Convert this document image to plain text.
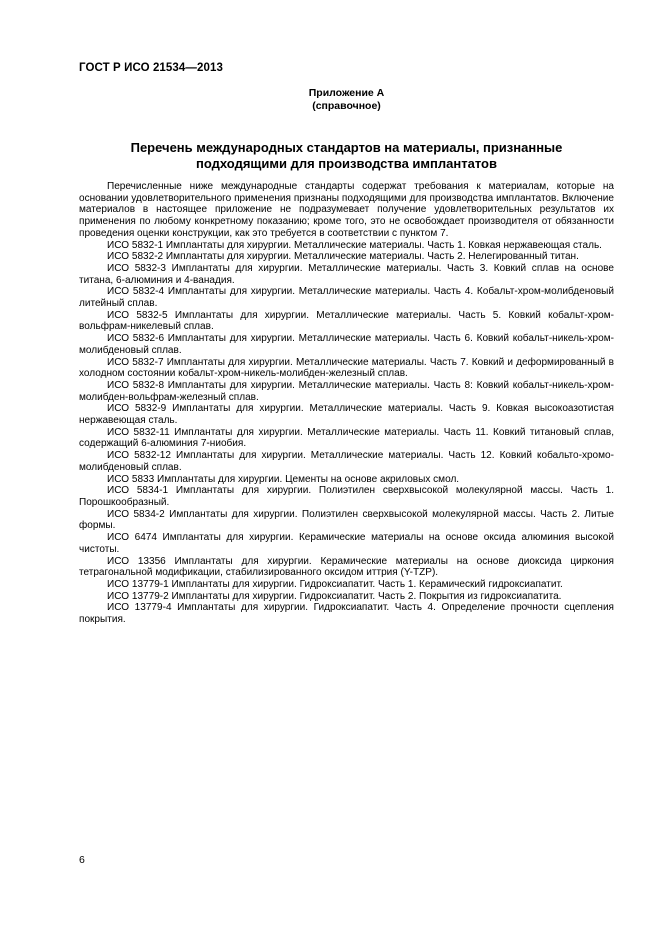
ГОСТ Р ИСО 21534—2013
Приложение А
(справочное)
Перечень международных стандартов на материалы, признанные
подходящими для производства имплантатов

Перечисленные ниже международные стандарты содержат требования к материалам, которые на основании удовлетворительного применения признаны подходящими для производства имплантатов. Включение материалов в настоящее приложение не подразумевает получение удовлетворительных результатов их применения по любому конкретному показанию; кроме того, это не освобождает производителя от обязанности проведения оценки конструкции, как это требуется в соответствии с пунктом 7.

ИСО 5832-1 Имплантаты для хирургии. Металлические материалы. Часть 1. Ковкая нержавеющая сталь.

ИСО 5832-2 Имплантаты для хирургии. Металлические материалы. Часть 2. Нелегированный титан.

ИСО 5832-3 Имплантаты для хирургии. Металлические материалы. Часть 3. Ковкий сплав на основе титана, 6-алюминия и 4-ванадия.

ИСО 5832-4 Имплантаты для хирургии. Металлические материалы. Часть 4. Кобальт-хром-молибденовый литейный сплав.

ИСО 5832-5 Имплантаты для хирургии. Металлические материалы. Часть 5. Ковкий кобальт-хром-вольфрам-никелевый сплав.

ИСО 5832-6 Имплантаты для хирургии. Металлические материалы. Часть 6. Ковкий кобальт-никель-хром-молибденовый сплав.

ИСО 5832-7 Имплантаты для хирургии. Металлические материалы. Часть 7. Ковкий и деформированный в холодном состоянии кобальт-хром-никель-молибден-железный сплав.

ИСО 5832-8 Имплантаты для хирургии. Металлические материалы. Часть 8: Ковкий кобальт-никель-хром-молибден-вольфрам-железный сплав.

ИСО 5832-9 Имплантаты для хирургии. Металлические материалы. Часть 9. Ковкая высокоазотистая нержавеющая сталь.

ИСО 5832-11 Имплантаты для хирургии. Металлические материалы. Часть 11. Ковкий титановый сплав, содержащий 6-алюминия 7-ниобия.

ИСО 5832-12 Имплантаты для хирургии. Металлические материалы. Часть 12. Ковкий кобальто-хромо-молибденовый сплав.

ИСО 5833 Имплантаты для хирургии. Цементы на основе акриловых смол.

ИСО 5834-1 Имплантаты для хирургии. Полиэтилен сверхвысокой молекулярной массы. Часть 1. Порошкообразный.

ИСО 5834-2 Имплантаты для хирургии. Полиэтилен сверхвысокой молекулярной массы. Часть 2. Литые формы.

ИСО 6474 Имплантаты для хирургии. Керамические материалы на основе оксида алюминия высокой чистоты.

ИСО 13356 Имплантаты для хирургии. Керамические материалы на основе диоксида циркония тетрагональной модификации, стабилизированного оксидом иттрия (Y-TZP).

ИСО 13779-1 Имплантаты для хирургии. Гидроксиапатит. Часть 1. Керамический гидроксиапатит.

ИСО 13779-2 Имплантаты для хирургии. Гидроксиапатит. Часть 2. Покрытия из гидроксиапатита.

ИСО 13779-4 Имплантаты для хирургии. Гидроксиапатит. Часть 4. Определение прочности сцепления покрытия.

6
